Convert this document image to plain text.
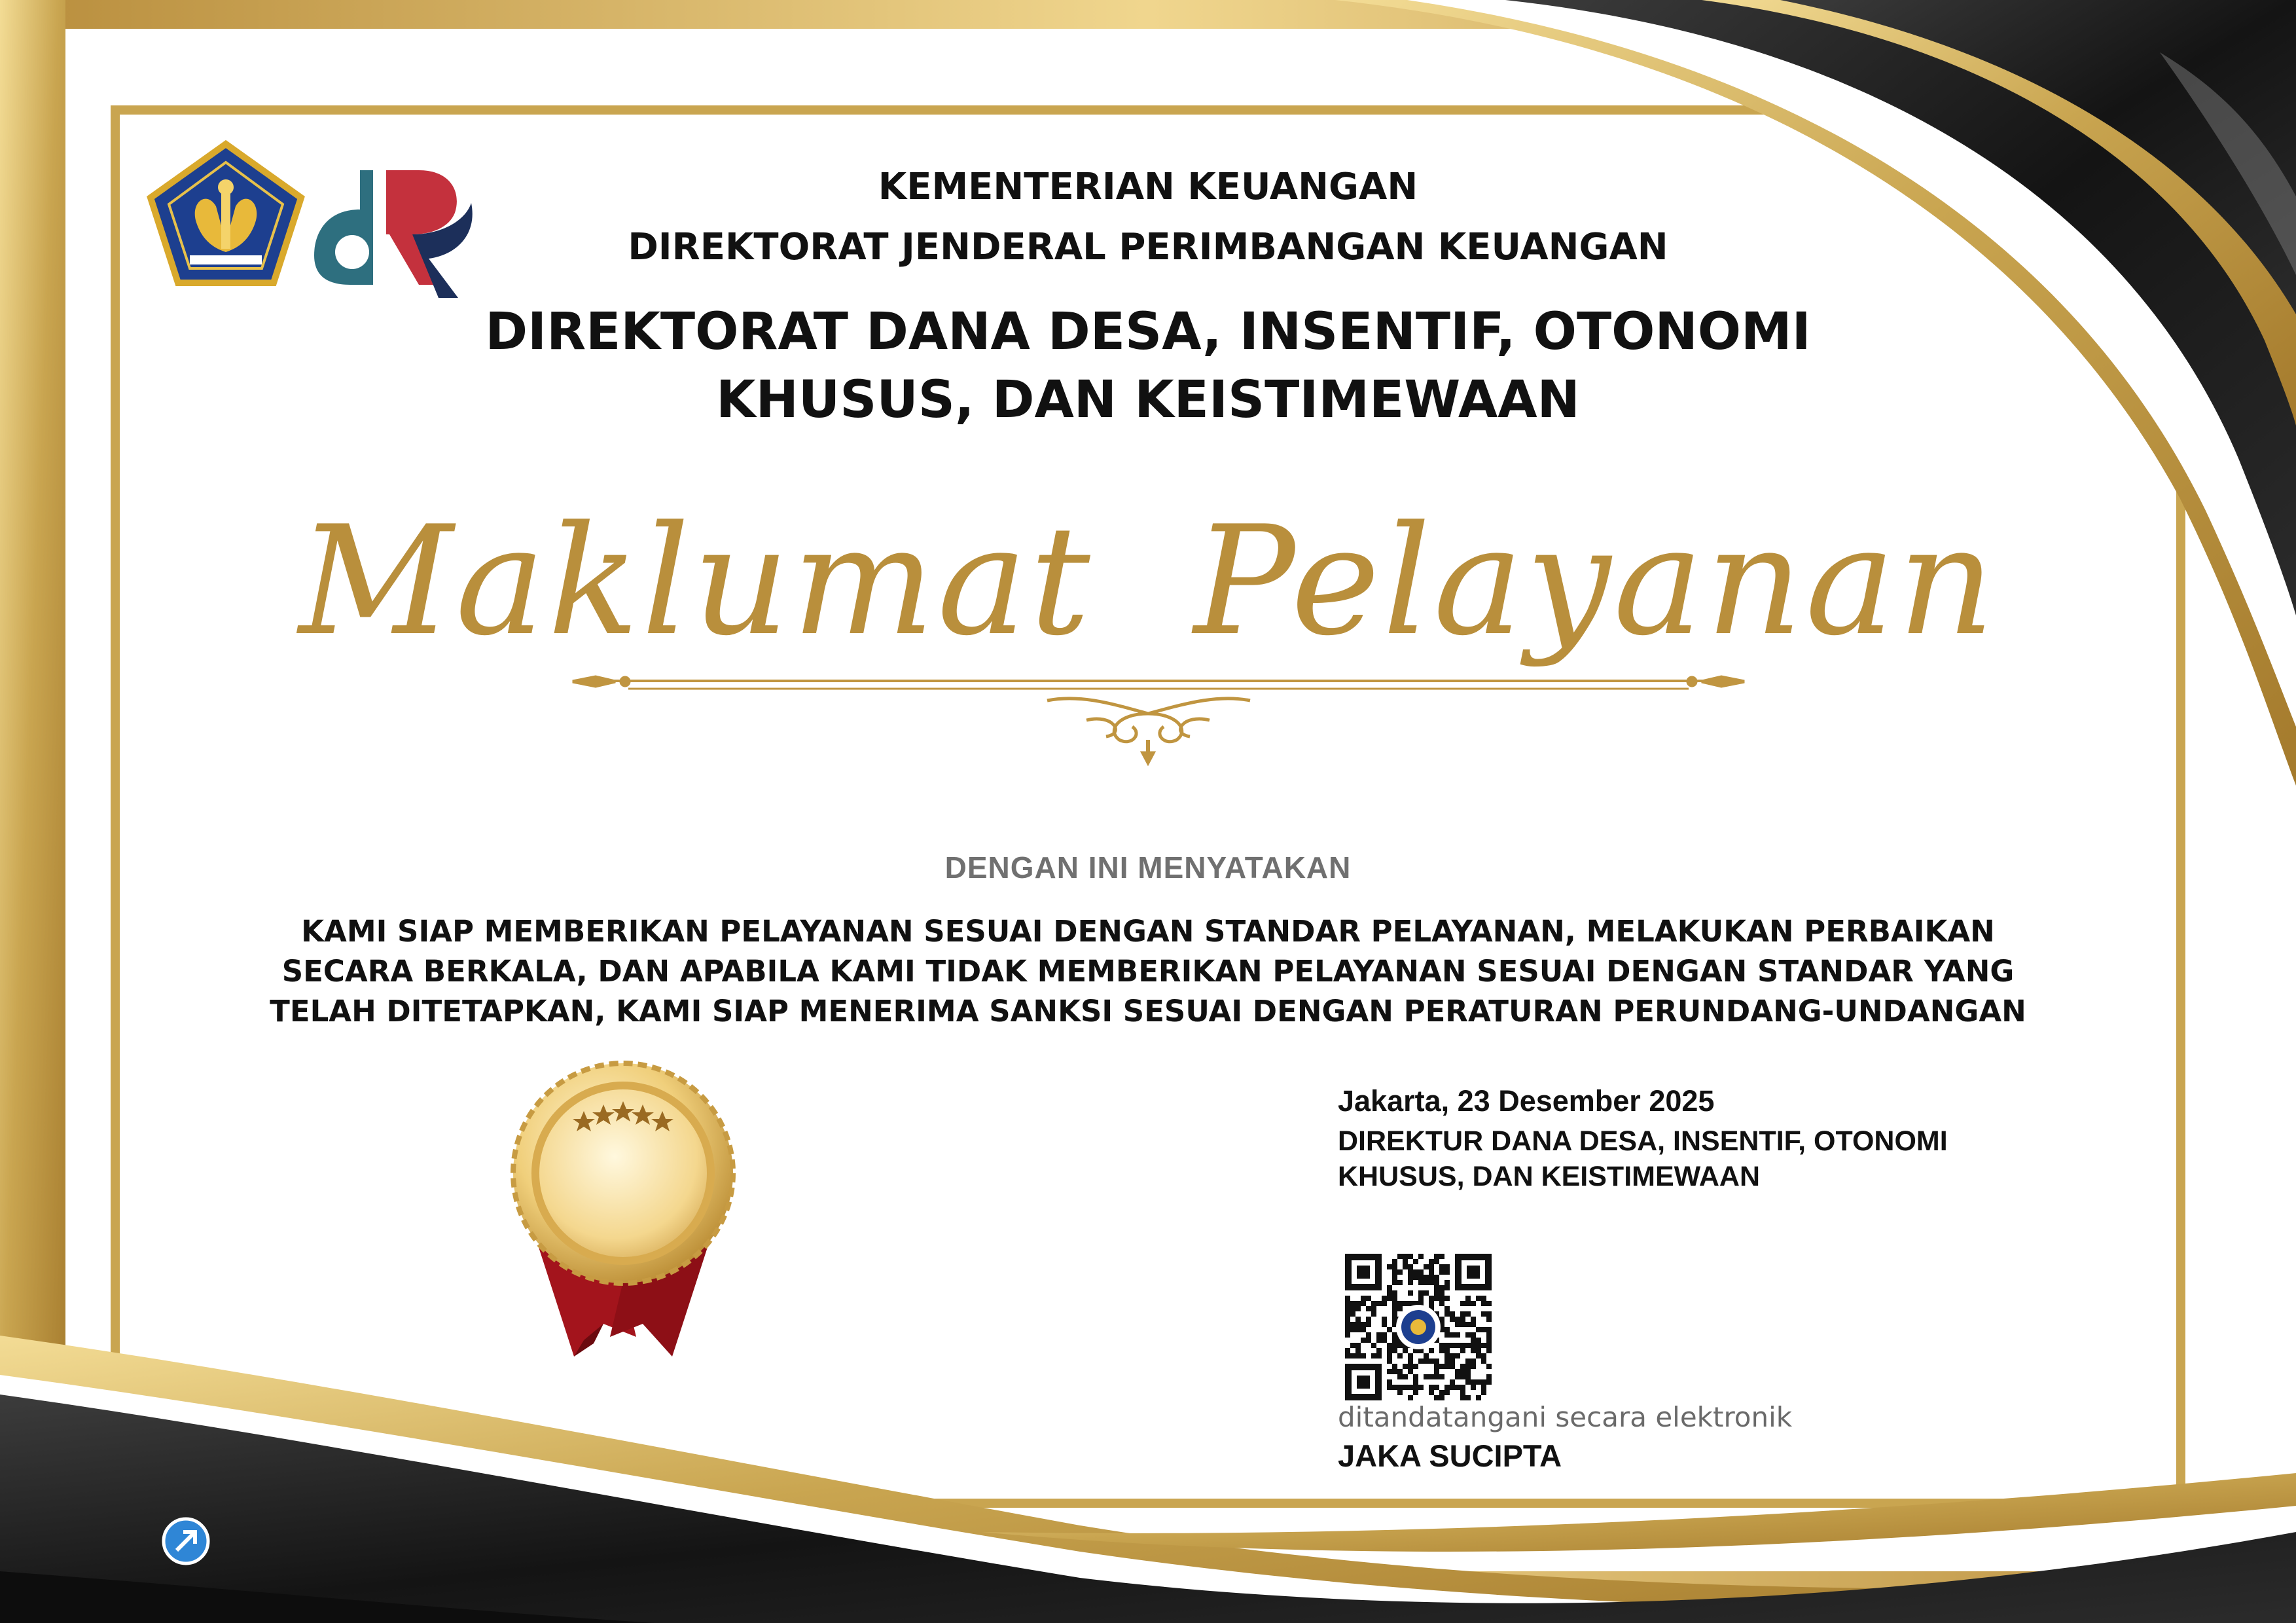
KEMENTERIAN KEUANGAN

DIREKTORAT JENDERAL PERIMBANGAN KEUANGAN

DIREKTORAT DANA DESA, INSENTIF, OTONOMI
KHUSUS, DAN KEISTIMEWAAN

Maklumat  Pelayanan

DENGAN INI MENYATAKAN

KAMI SIAP MEMBERIKAN PELAYANAN SESUAI DENGAN STANDAR PELAYANAN, MELAKUKAN PERBAIKAN
SECARA BERKALA, DAN APABILA KAMI TIDAK MEMBERIKAN PELAYANAN SESUAI DENGAN STANDAR YANG
TELAH DITETAPKAN, KAMI SIAP MENERIMA SANKSI SESUAI DENGAN PERATURAN PERUNDANG-UNDANGAN

Jakarta, 23 Desember 2025

DIREKTUR DANA DESA, INSENTIF, OTONOMI
KHUSUS, DAN KEISTIMEWAAN

ditandatangani secara elektronik

JAKA SUCIPTA
